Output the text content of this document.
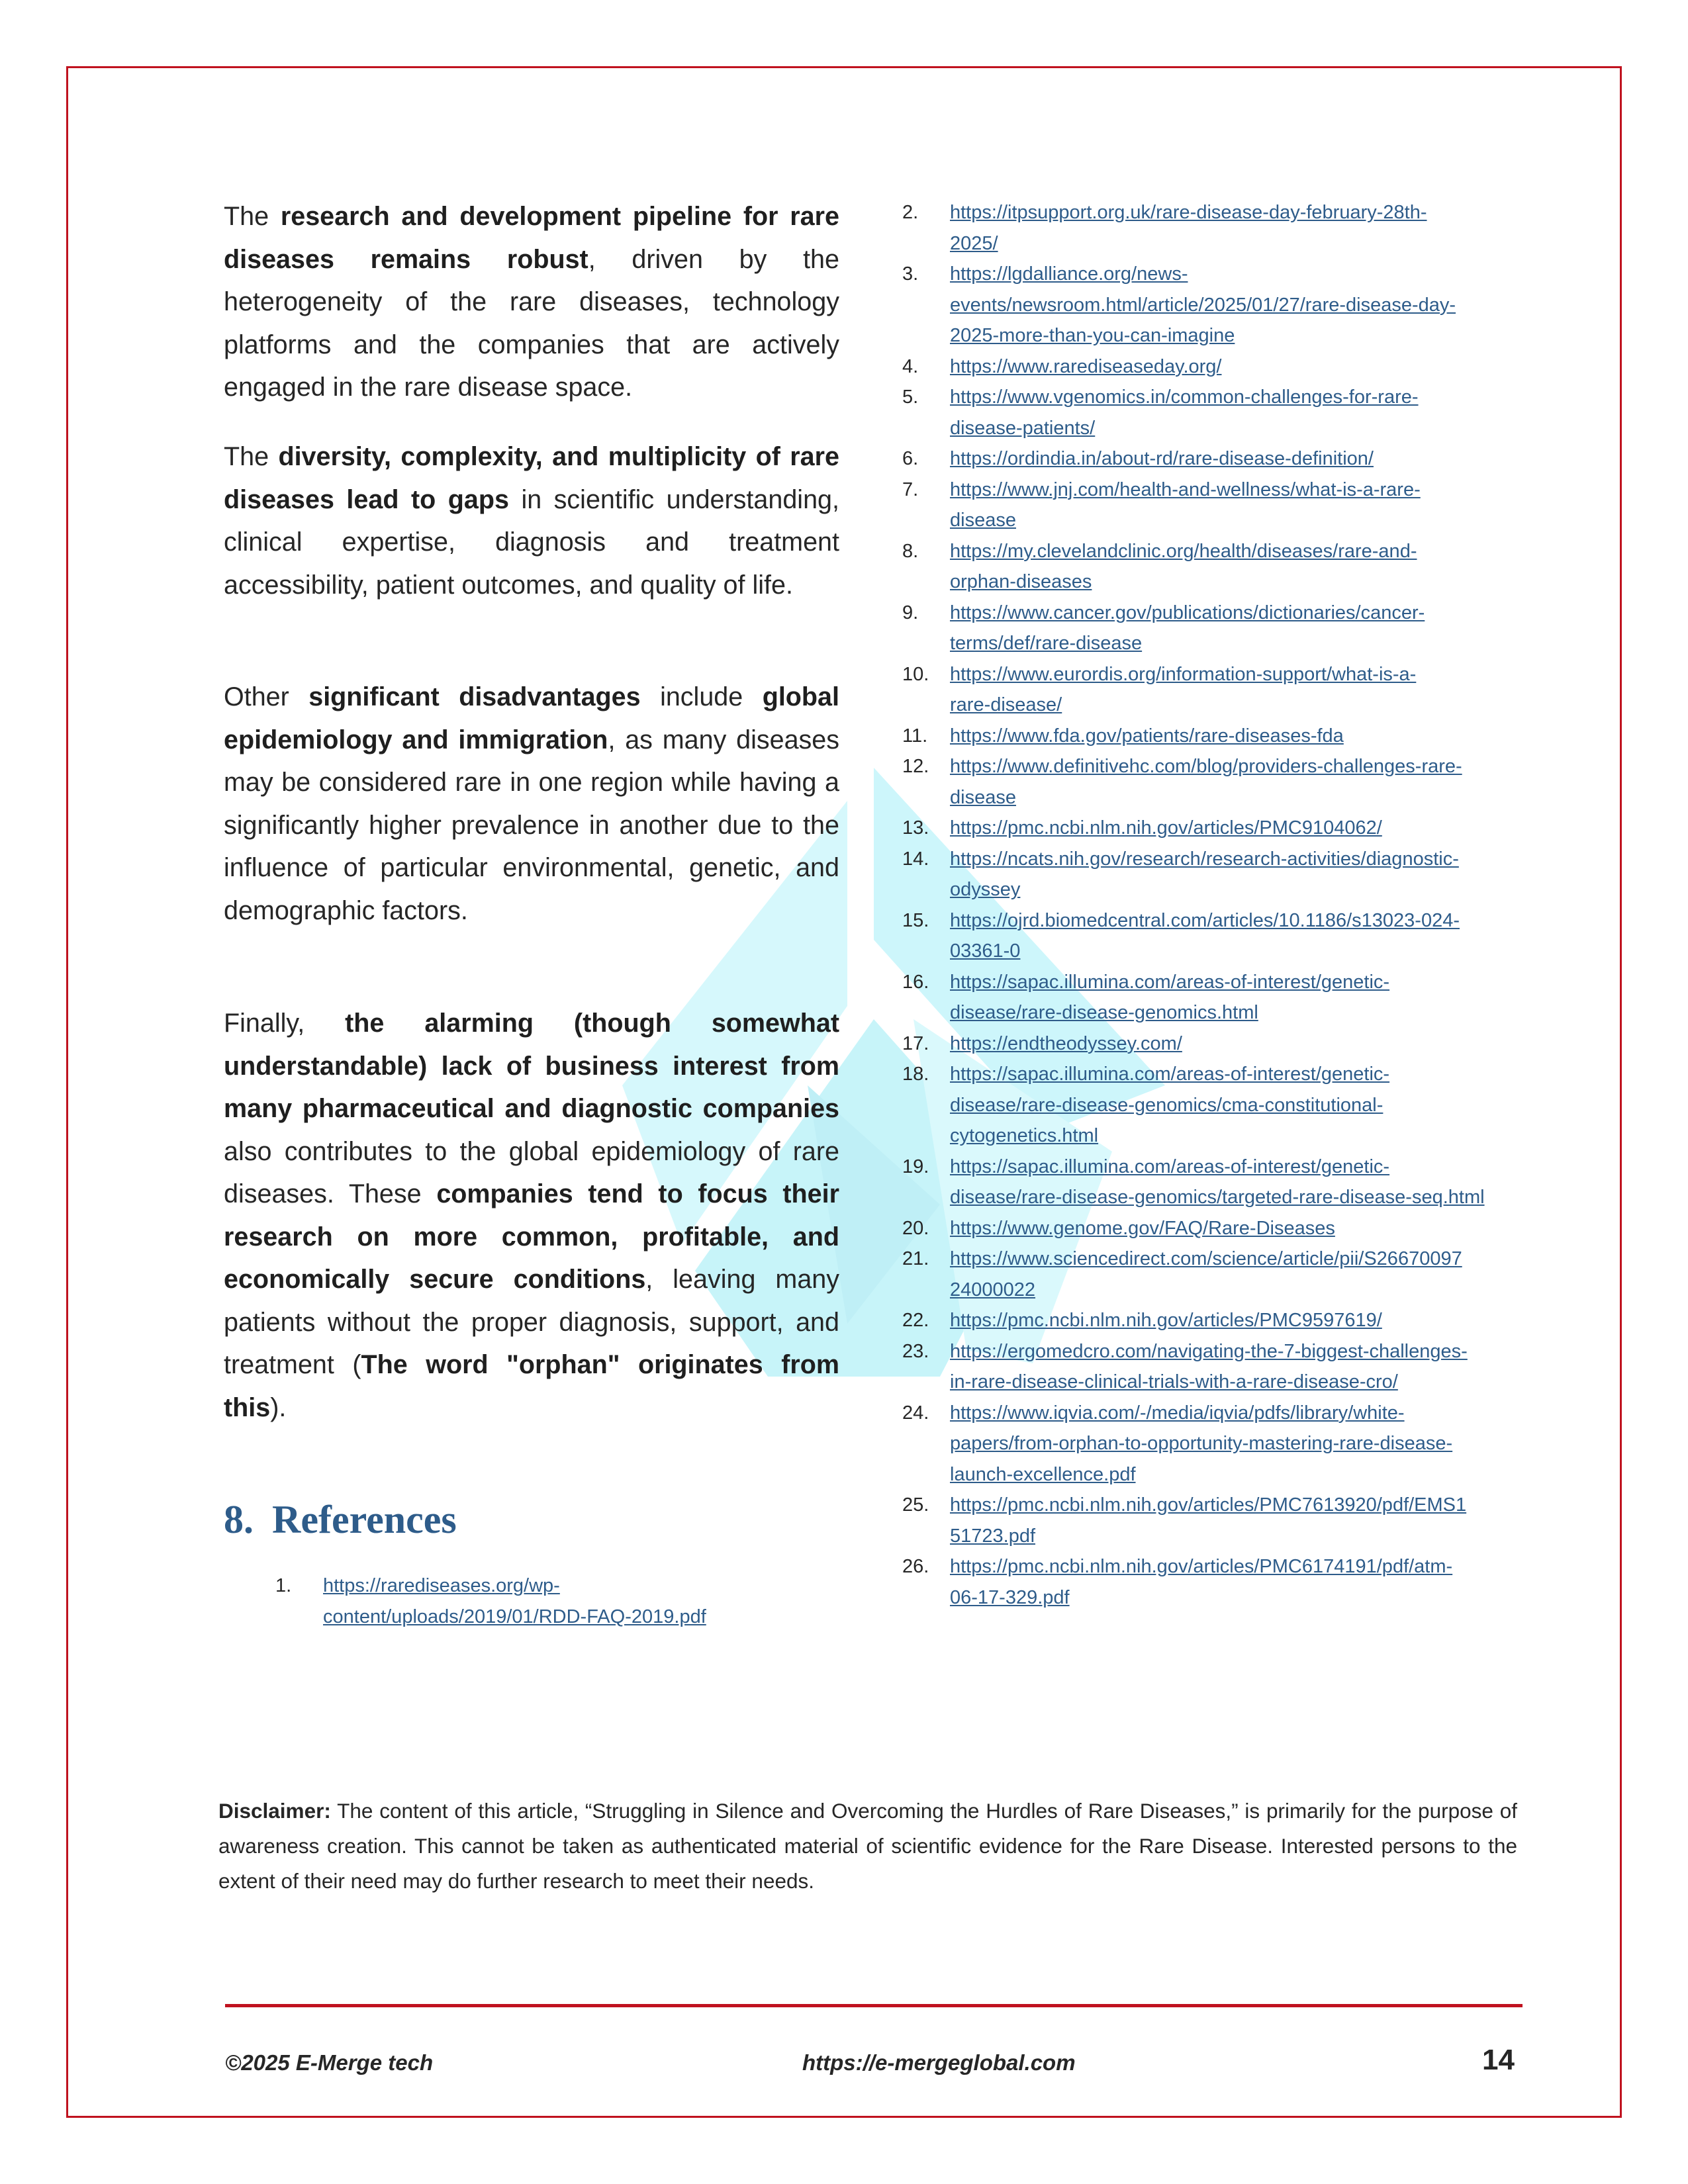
The research and development pipeline for rare diseases remains robust, driven by the heterogeneity of the rare diseases, technology platforms and the companies that are actively engaged in the rare disease space.

The diversity, complexity, and multiplicity of rare diseases lead to gaps in scientific understanding, clinical expertise, diagnosis and treatment accessibility, patient outcomes, and quality of life.

Other significant disadvantages include global epidemiology and immigration, as many diseases may be considered rare in one region while having a significantly higher prevalence in another due to the influence of particular environmental, genetic, and demographic factors.

Finally, the alarming (though somewhat understandable) lack of business interest from many pharmaceutical and diagnostic companies also contributes to the global epidemiology of rare diseases. These companies tend to focus their research on more common, profitable, and economically secure conditions, leaving many patients without the proper diagnosis, support, and treatment (The word "orphan" originates from this).

8. References
1.	https://rarediseases.org/wp-
content/uploads/2019/01/RDD-FAQ-2019.pdf
2.	https://itpsupport.org.uk/rare-disease-day-february-28th-
2025/
3.	https://lgdalliance.org/news-
events/newsroom.html/article/2025/01/27/rare-disease-day-
2025-more-than-you-can-imagine
4.	https://www.rarediseaseday.org/
5.	https://www.vgenomics.in/common-challenges-for-rare-
disease-patients/
6.	https://ordindia.in/about-rd/rare-disease-definition/
7.	https://www.jnj.com/health-and-wellness/what-is-a-rare-
disease
8.	https://my.clevelandclinic.org/health/diseases/rare-and-
orphan-diseases
9.	https://www.cancer.gov/publications/dictionaries/cancer-
terms/def/rare-disease
10.	https://www.eurordis.org/information-support/what-is-a-
rare-disease/
11.	https://www.fda.gov/patients/rare-diseases-fda
12.	https://www.definitivehc.com/blog/providers-challenges-rare-
disease
13.	https://pmc.ncbi.nlm.nih.gov/articles/PMC9104062/
14.	https://ncats.nih.gov/research/research-activities/diagnostic-
odyssey
15.	https://ojrd.biomedcentral.com/articles/10.1186/s13023-024-
03361-0
16.	https://sapac.illumina.com/areas-of-interest/genetic-
disease/rare-disease-genomics.html
17.	https://endtheodyssey.com/
18.	https://sapac.illumina.com/areas-of-interest/genetic-
disease/rare-disease-genomics/cma-constitutional-
cytogenetics.html
19.	https://sapac.illumina.com/areas-of-interest/genetic-
disease/rare-disease-genomics/targeted-rare-disease-seq.html
20.	https://www.genome.gov/FAQ/Rare-Diseases
21.	https://www.sciencedirect.com/science/article/pii/S26670097
24000022
22.	https://pmc.ncbi.nlm.nih.gov/articles/PMC9597619/
23.	https://ergomedcro.com/navigating-the-7-biggest-challenges-
in-rare-disease-clinical-trials-with-a-rare-disease-cro/
24.	https://www.iqvia.com/-/media/iqvia/pdfs/library/white-
papers/from-orphan-to-opportunity-mastering-rare-disease-
launch-excellence.pdf
25.	https://pmc.ncbi.nlm.nih.gov/articles/PMC7613920/pdf/EMS1
51723.pdf
26.	https://pmc.ncbi.nlm.nih.gov/articles/PMC6174191/pdf/atm-
06-17-329.pdf

Disclaimer: The content of this article, “Struggling in Silence and Overcoming the Hurdles of Rare Diseases,” is primarily for the purpose of awareness creation. This cannot be taken as authenticated material of scientific evidence for the Rare Disease. Interested persons to the extent of their need may do further research to meet their needs.

©2025 E-Merge tech	https://e-mergeglobal.com	14
